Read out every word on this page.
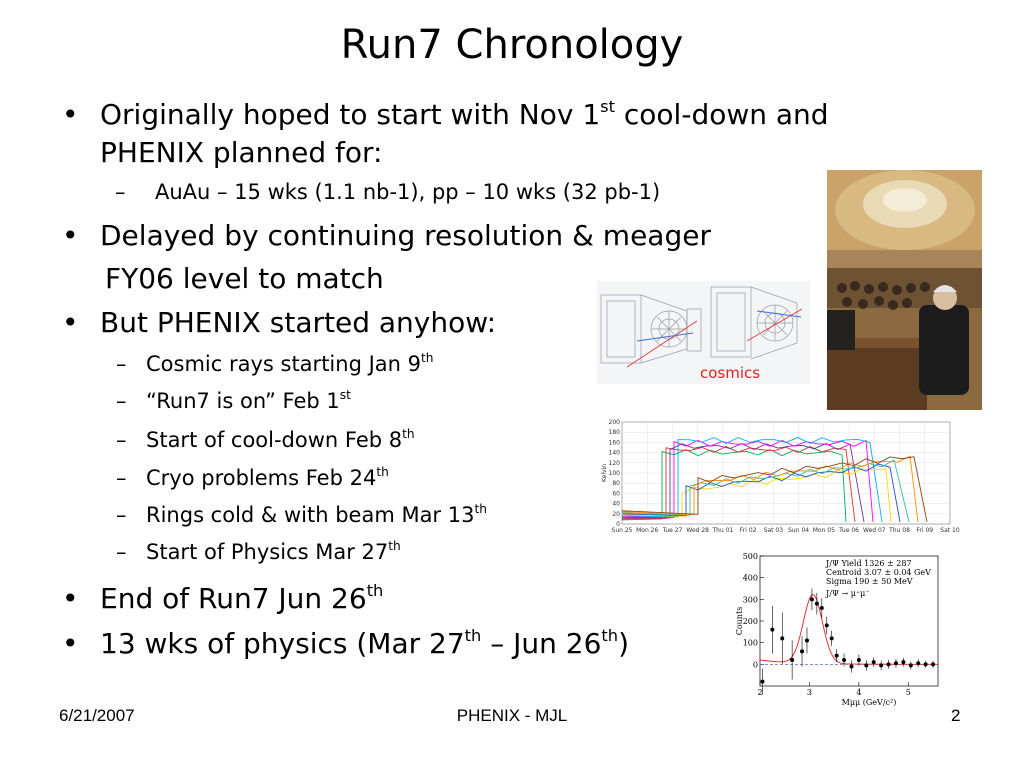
Run7 Chronology
• Originally hoped to start with Nov 1st cool-down and
PHENIX planned for:
– AuAu – 15 wks (1.1 nb-1), pp – 10 wks (32 pb-1)
• Delayed by continuing resolution & meager
FY06 level to match
• But PHENIX started anyhow:
– Cosmic rays starting Jan 9th
– “Run7 is on” Feb 1st
– Start of cool-down Feb 8th
– Cryo problems Feb 24th
– Rings cold & with beam Mar 13th
– Start of Physics Mar 27th
• End of Run7 Jun 26th
• 13 wks of physics (Mar 27th – Jun 26th)
cosmics
0
20
40
60
80
100
120
140
160
180
200
Sun 25 Mon 26 Tue 27 Wed 28 Thu 01 Fri 02 Sat 03 Sun 04 Mon 05 Tue 06 Wed 07 Thu 08 Fri 09 Sat 10
Kelvin
500
400
300
200
100
0
2	3	4	5
Counts
Mμμ (GeV/c²)
J/Ψ Yield 1326 ± 287
Centroid 3.07 ± 0.04 GeV
Sigma 190 ± 50 MeV
J/Ψ → μ⁺μ⁻
6/21/2007	PHENIX - MJL	2
